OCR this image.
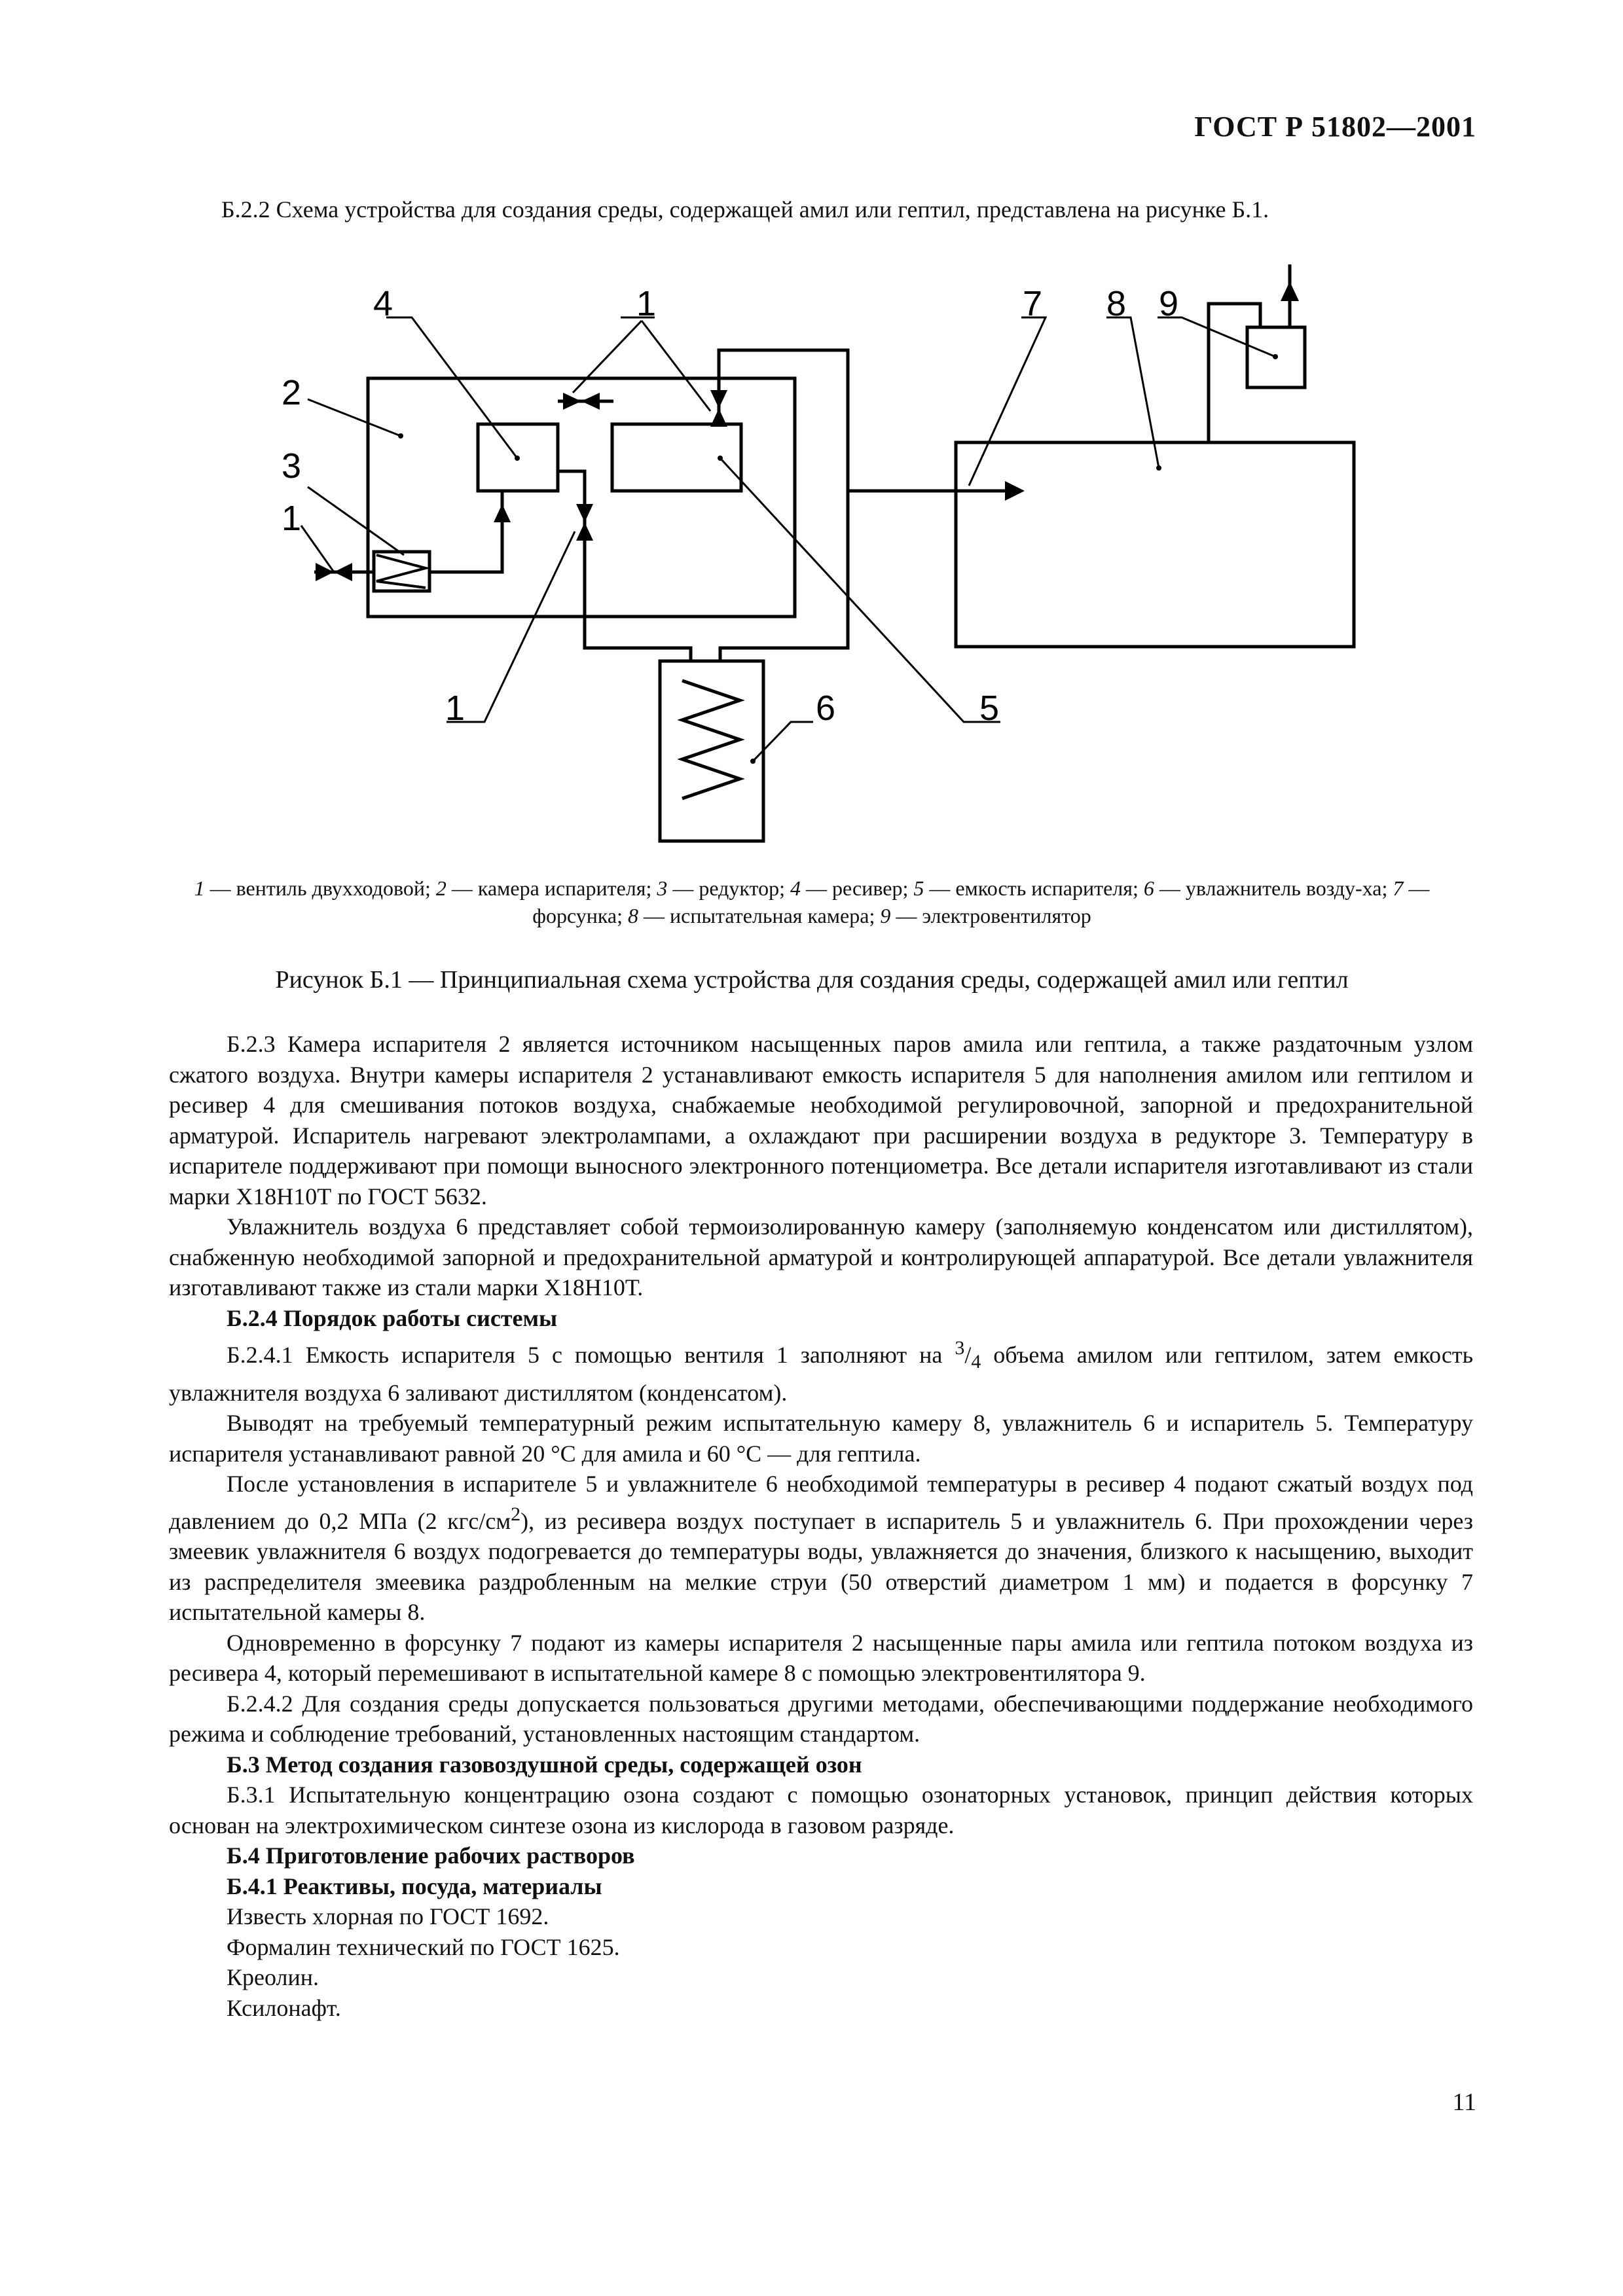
ГОСТ Р 51802—2001

Б.2.2 Схема устройства для создания среды, содержащей амил или гептил, представлена на рисунке Б.1.

4	1	7 8 9
2
3
1
1	6	5

1 — вентиль двухходовой; 2 — камера испарителя; 3 — редуктор; 4 — ресивер; 5 — емкость испарителя; 6 — увлажнитель возду-ха; 7 — форсунка; 8 — испытательная камера; 9 — электровентилятор

Рисунок Б.1 — Принципиальная схема устройства для создания среды, содержащей амил или гептил

Б.2.3 Камера испарителя 2 является источником насыщенных паров амила или гептила, а также раздаточным узлом сжатого воздуха. Внутри камеры испарителя 2 устанавливают емкость испарителя 5 для наполнения амилом или гептилом и ресивер 4 для смешивания потоков воздуха, снабжаемые необходимой регулировочной, запорной и предохранительной арматурой. Испаритель нагревают электролампами, а охлаждают при расширении воздуха в редукторе 3. Температуру в испарителе поддерживают при помощи выносного электронного потенциометра. Все детали испарителя изготавливают из стали марки Х18Н10Т по ГОСТ 5632.

Увлажнитель воздуха 6 представляет собой термоизолированную камеру (заполняемую конденсатом или дистиллятом), снабженную необходимой запорной и предохранительной арматурой и контролирующей аппаратурой. Все детали увлажнителя изготавливают также из стали марки Х18Н10Т.

Б.2.4 Порядок работы системы

Б.2.4.1 Емкость испарителя 5 с помощью вентиля 1 заполняют на $^3/_4$ объема амилом или гептилом, затем емкость увлажнителя воздуха 6 заливают дистиллятом (конденсатом).

Выводят на требуемый температурный режим испытательную камеру 8, увлажнитель 6 и испаритель 5. Температуру испарителя устанавливают равной 20 °С для амила и 60 °С — для гептила.

После установления в испарителе 5 и увлажнителе 6 необходимой температуры в ресивер 4 подают сжатый воздух под давлением до 0,2 МПа (2 кгс/$см^2$), из ресивера воздух поступает в испаритель 5 и увлажнитель 6. При прохождении через змеевик увлажнителя 6 воздух подогревается до температуры воды, увлажняется до значения, близкого к насыщению, выходит из распределителя змеевика раздробленным на мелкие струи (50 отверстий диаметром 1 мм) и подается в форсунку 7 испытательной камеры 8.

Одновременно в форсунку 7 подают из камеры испарителя 2 насыщенные пары амила или гептила потоком воздуха из ресивера 4, который перемешивают в испытательной камере 8 с помощью электровентилятора 9.

Б.2.4.2 Для создания среды допускается пользоваться другими методами, обеспечивающими поддержание необходимого режима и соблюдение требований, установленных настоящим стандартом.

Б.3 Метод создания газовоздушной среды, содержащей озон

Б.3.1 Испытательную концентрацию озона создают с помощью озонаторных установок, принцип действия которых основан на электрохимическом синтезе озона из кислорода в газовом разряде.

Б.4 Приготовление рабочих растворов

Б.4.1 Реактивы, посуда, материалы

Известь хлорная по ГОСТ 1692.

Формалин технический по ГОСТ 1625.

Креолин.

Ксилонафт.

11
